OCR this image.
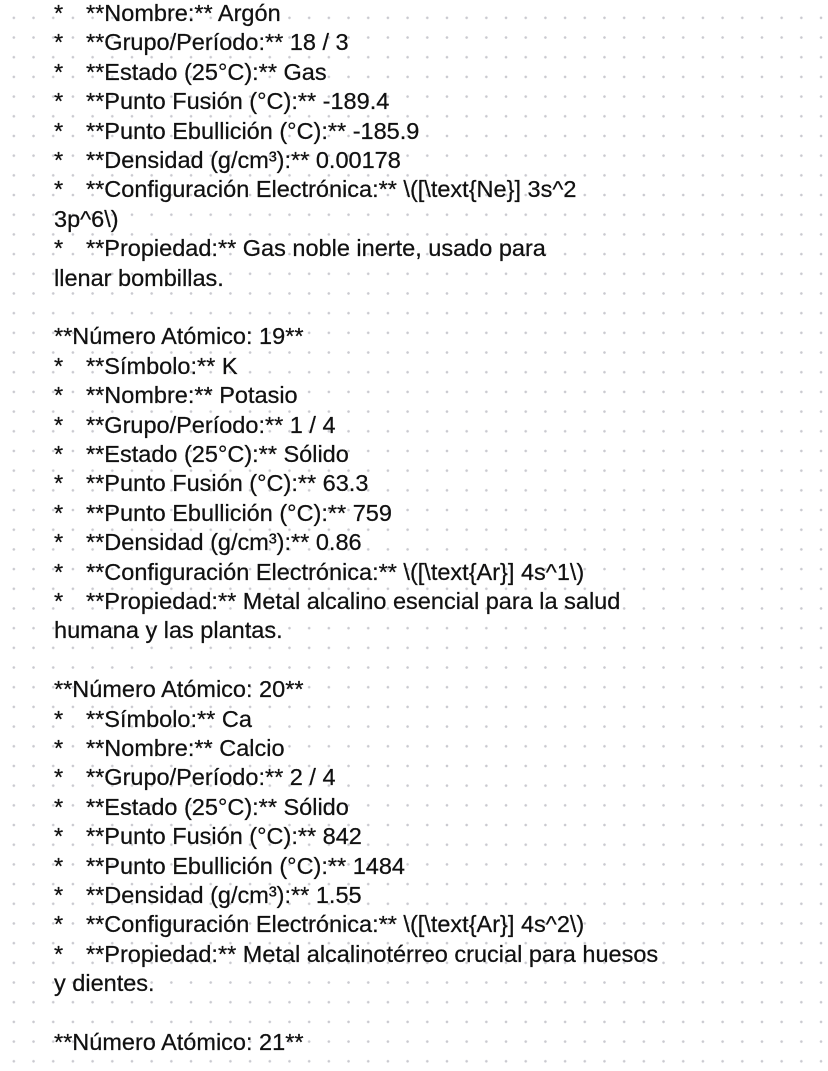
* **Nombre:** Argón
* **Grupo/Período:** 18 / 3
* **Estado (25°C):** Gas
* **Punto Fusión (°C):** -189.4
* **Punto Ebullición (°C):** -185.9
* **Densidad (g/cm³):** 0.00178
* **Configuración Electrónica:** \([\text{Ne}] 3s^2
3p^6\)
* **Propiedad:** Gas noble inerte, usado para
llenar bombillas.
**Número Atómico: 19**
* **Símbolo:** K
* **Nombre:** Potasio
* **Grupo/Período:** 1 / 4
* **Estado (25°C):** Sólido
* **Punto Fusión (°C):** 63.3
* **Punto Ebullición (°C):** 759
* **Densidad (g/cm³):** 0.86
* **Configuración Electrónica:** \([\text{Ar}] 4s^1\)
* **Propiedad:** Metal alcalino esencial para la salud
humana y las plantas.
**Número Atómico: 20**
* **Símbolo:** Ca
* **Nombre:** Calcio
* **Grupo/Período:** 2 / 4
* **Estado (25°C):** Sólido
* **Punto Fusión (°C):** 842
* **Punto Ebullición (°C):** 1484
* **Densidad (g/cm³):** 1.55
* **Configuración Electrónica:** \([\text{Ar}] 4s^2\)
* **Propiedad:** Metal alcalinotérreo crucial para huesos
y dientes.
**Número Atómico: 21**
